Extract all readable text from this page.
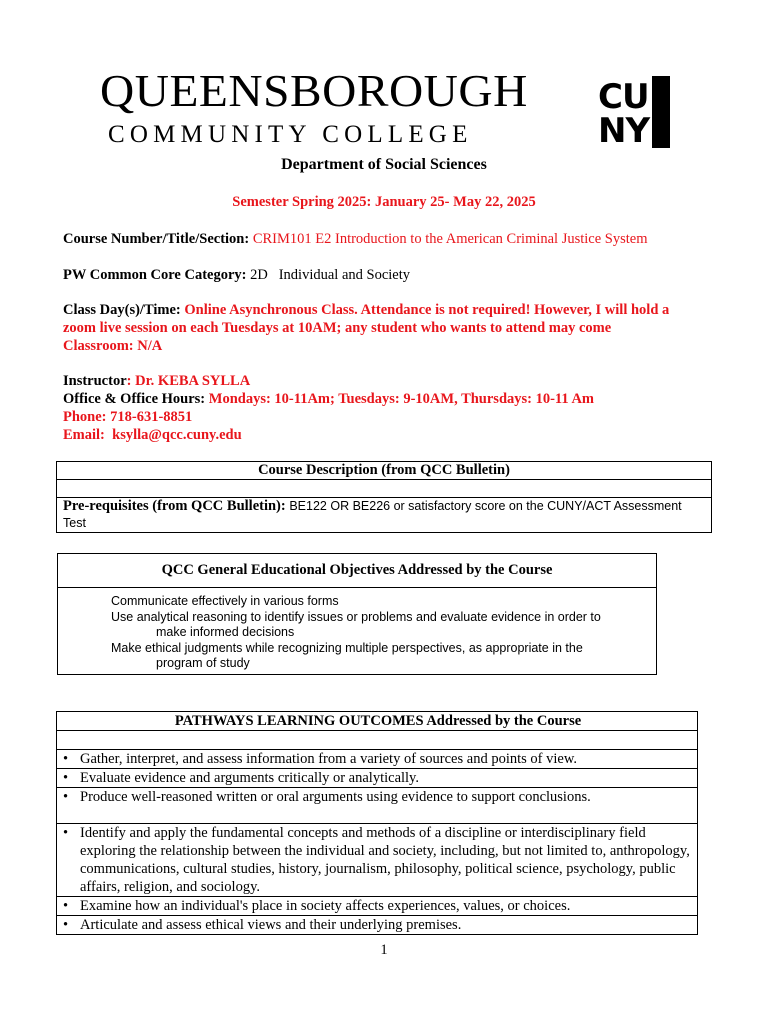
QUEENSBOROUGH
COMMUNITY COLLEGE
CU
NY
Department of Social Sciences
Semester Spring 2025: January 25- May 22, 2025
Course Number/Title/Section: CRIM101 E2 Introduction to the American Criminal Justice System
PW Common Core Category: 2D   Individual and Society
Class Day(s)/Time: Online Asynchronous Class. Attendance is not required! However, I will hold a
zoom live session on each Tuesdays at 10AM; any student who wants to attend may come
Classroom: N/A
Instructor: Dr. KEBA SYLLA
Office & Office Hours: Mondays: 10-11Am; Tuesdays: 9-10AM, Thursdays: 10-11 Am
Phone: 718-631-8851
Email:  ksylla@qcc.cuny.edu
Course Description (from QCC Bulletin)

Pre-requisites (from QCC Bulletin): BE122 OR BE226 or satisfactory score on the CUNY/ACT Assessment Test
QCC General Educational Objectives Addressed by the Course
Communicate effectively in various forms
Use analytical reasoning to identify issues or problems and evaluate evidence in order to
make informed decisions
Make ethical judgments while recognizing multiple perspectives, as appropriate in the
program of study
PATHWAYS LEARNING OUTCOMES Addressed by the Course

• Gather, interpret, and assess information from a variety of sources and points of view.

• Evaluate evidence and arguments critically or analytically.

• Produce well-reasoned written or oral arguments using evidence to support conclusions.

• Identify and apply the fundamental concepts and methods of a discipline or interdisciplinary field exploring the relationship between the individual and society, including, but not limited to, anthropology, communications, cultural studies, history, journalism, philosophy, political science, psychology, public affairs, religion, and sociology.

• Examine how an individual's place in society affects experiences, values, or choices.

• Articulate and assess ethical views and their underlying premises.
1
